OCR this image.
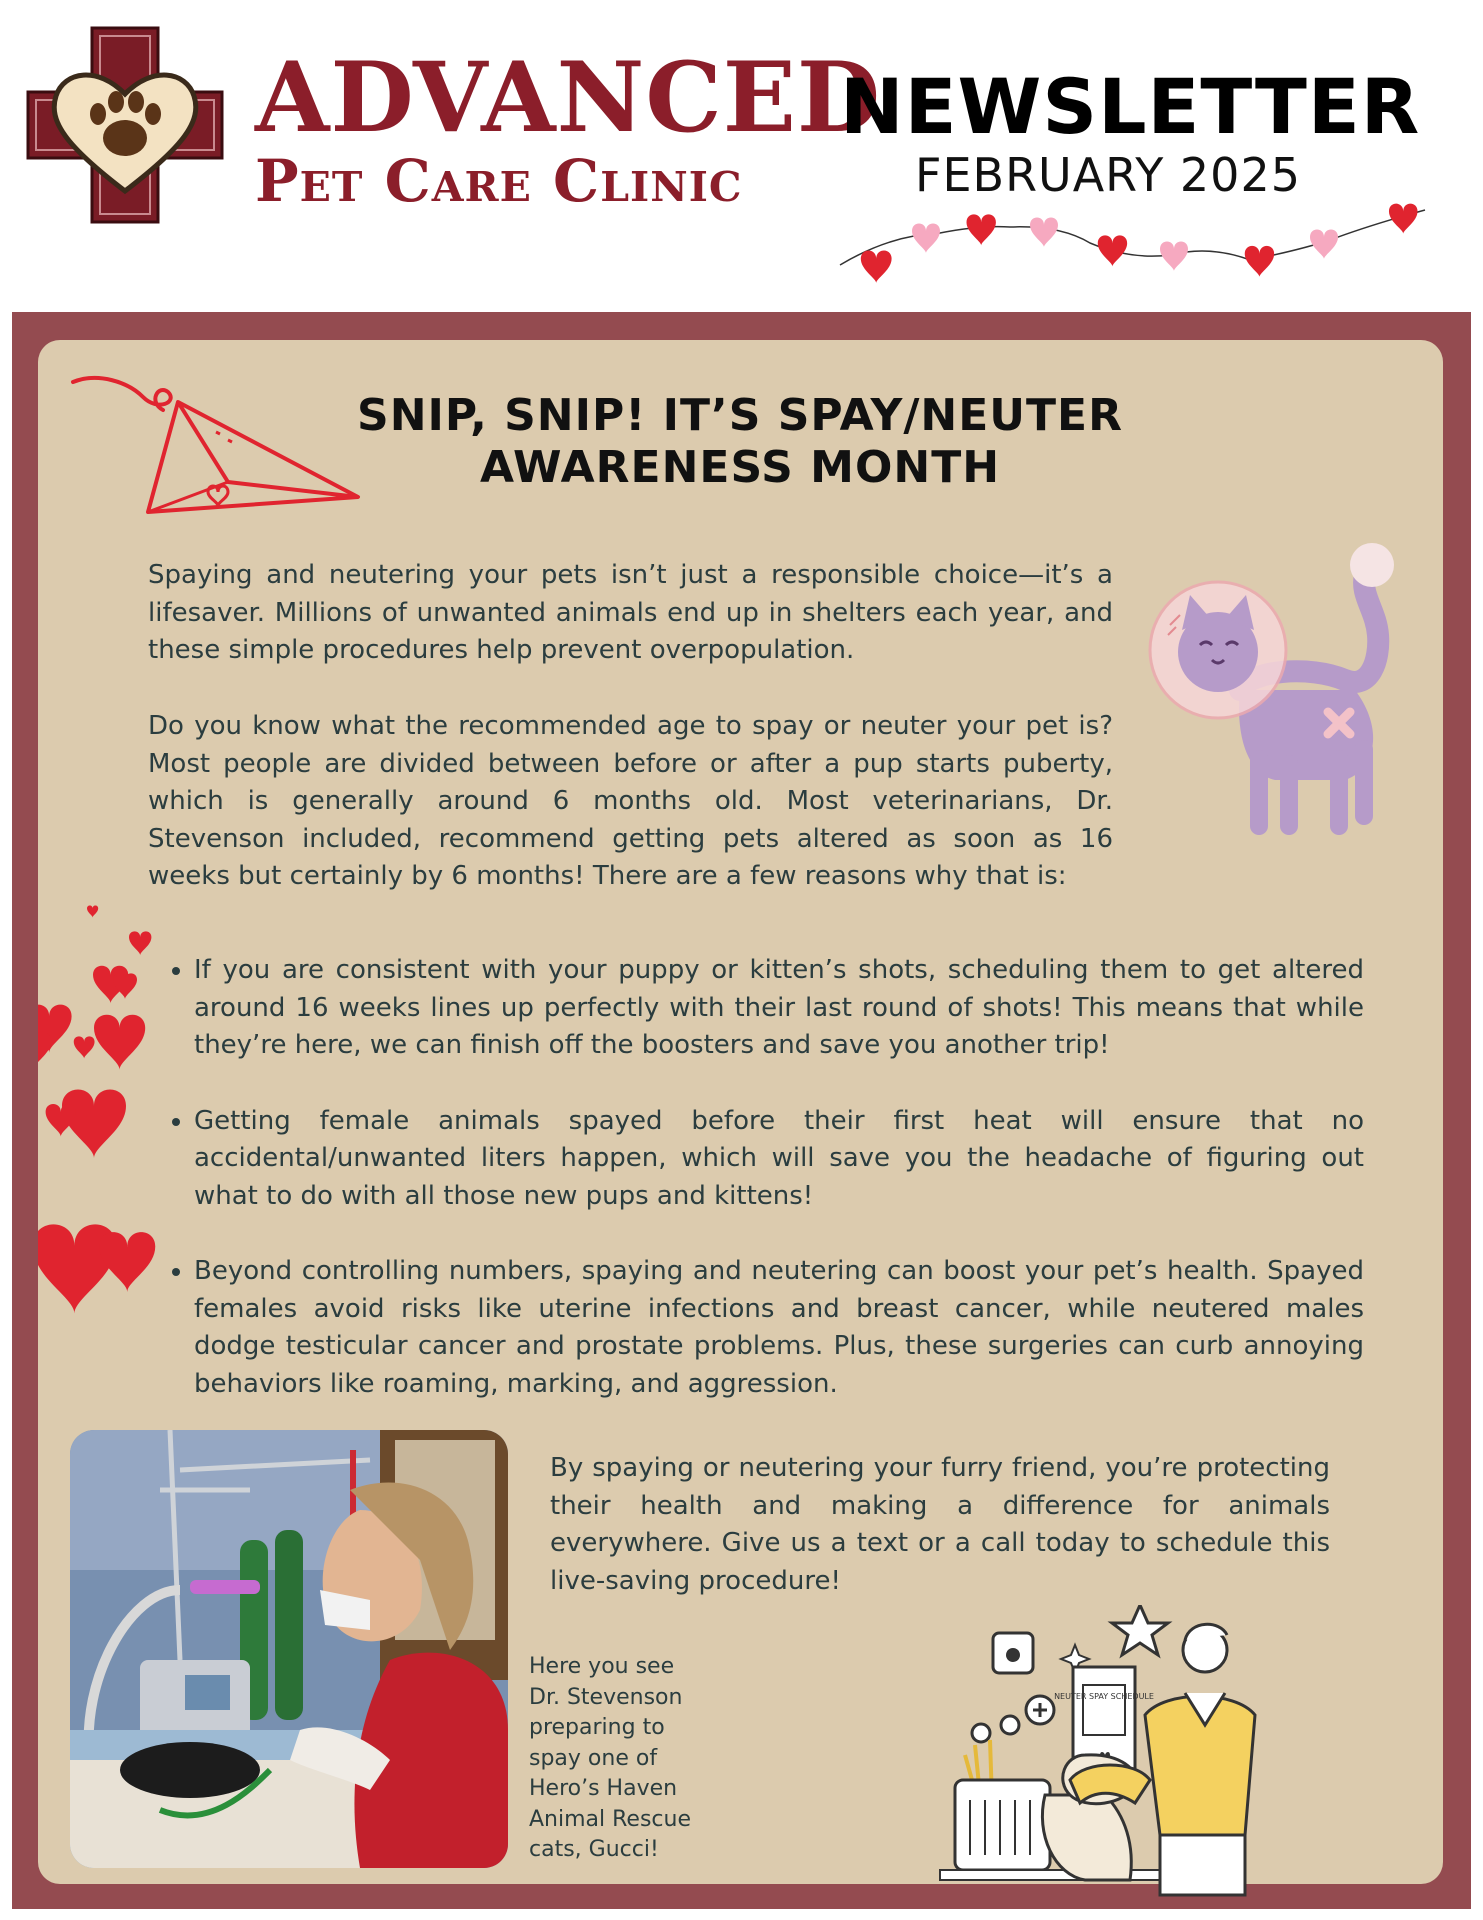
ADVANCED
Pet Care Clinic
NEWSLETTER
FEBRUARY 2025
SNIP, SNIP! IT’S SPAY/NEUTER
AWARENESS MONTH
Spaying and neutering your pets isn’t just a responsible choice—it’s a lifesaver. Millions of unwanted animals end up in shelters each year, and these simple procedures help prevent overpopulation.
Do you know what the recommended age to spay or neuter your pet is? Most people are divided between before or after a pup starts puberty, which is generally around 6 months old. Most veterinarians, Dr. Stevenson included, recommend getting pets altered as soon as 16 weeks but certainly by 6 months! There are a few reasons why that is:
• If you are consistent with your puppy or kitten’s shots, scheduling them to get altered around 16 weeks lines up perfectly with their last round of shots! This means that while they’re here, we can finish off the boosters and save you another trip!
• Getting female animals spayed before their first heat will ensure that no accidental/unwanted liters happen, which will save you the headache of figuring out what to do with all those new pups and kittens!
• Beyond controlling numbers, spaying and neutering can boost your pet’s health. Spayed females avoid risks like uterine infections and breast cancer, while neutered males dodge testicular cancer and prostate problems. Plus, these surgeries can curb annoying behaviors like roaming, marking, and aggression.
Here you see Dr. Stevenson preparing to spay one of Hero’s Haven Animal Rescue cats, Gucci!
By spaying or neutering your furry friend, you’re protecting their health and making a difference for animals everywhere. Give us a text or a call today to schedule this live-saving procedure!
NEUTER SPAY SCHEDULE
